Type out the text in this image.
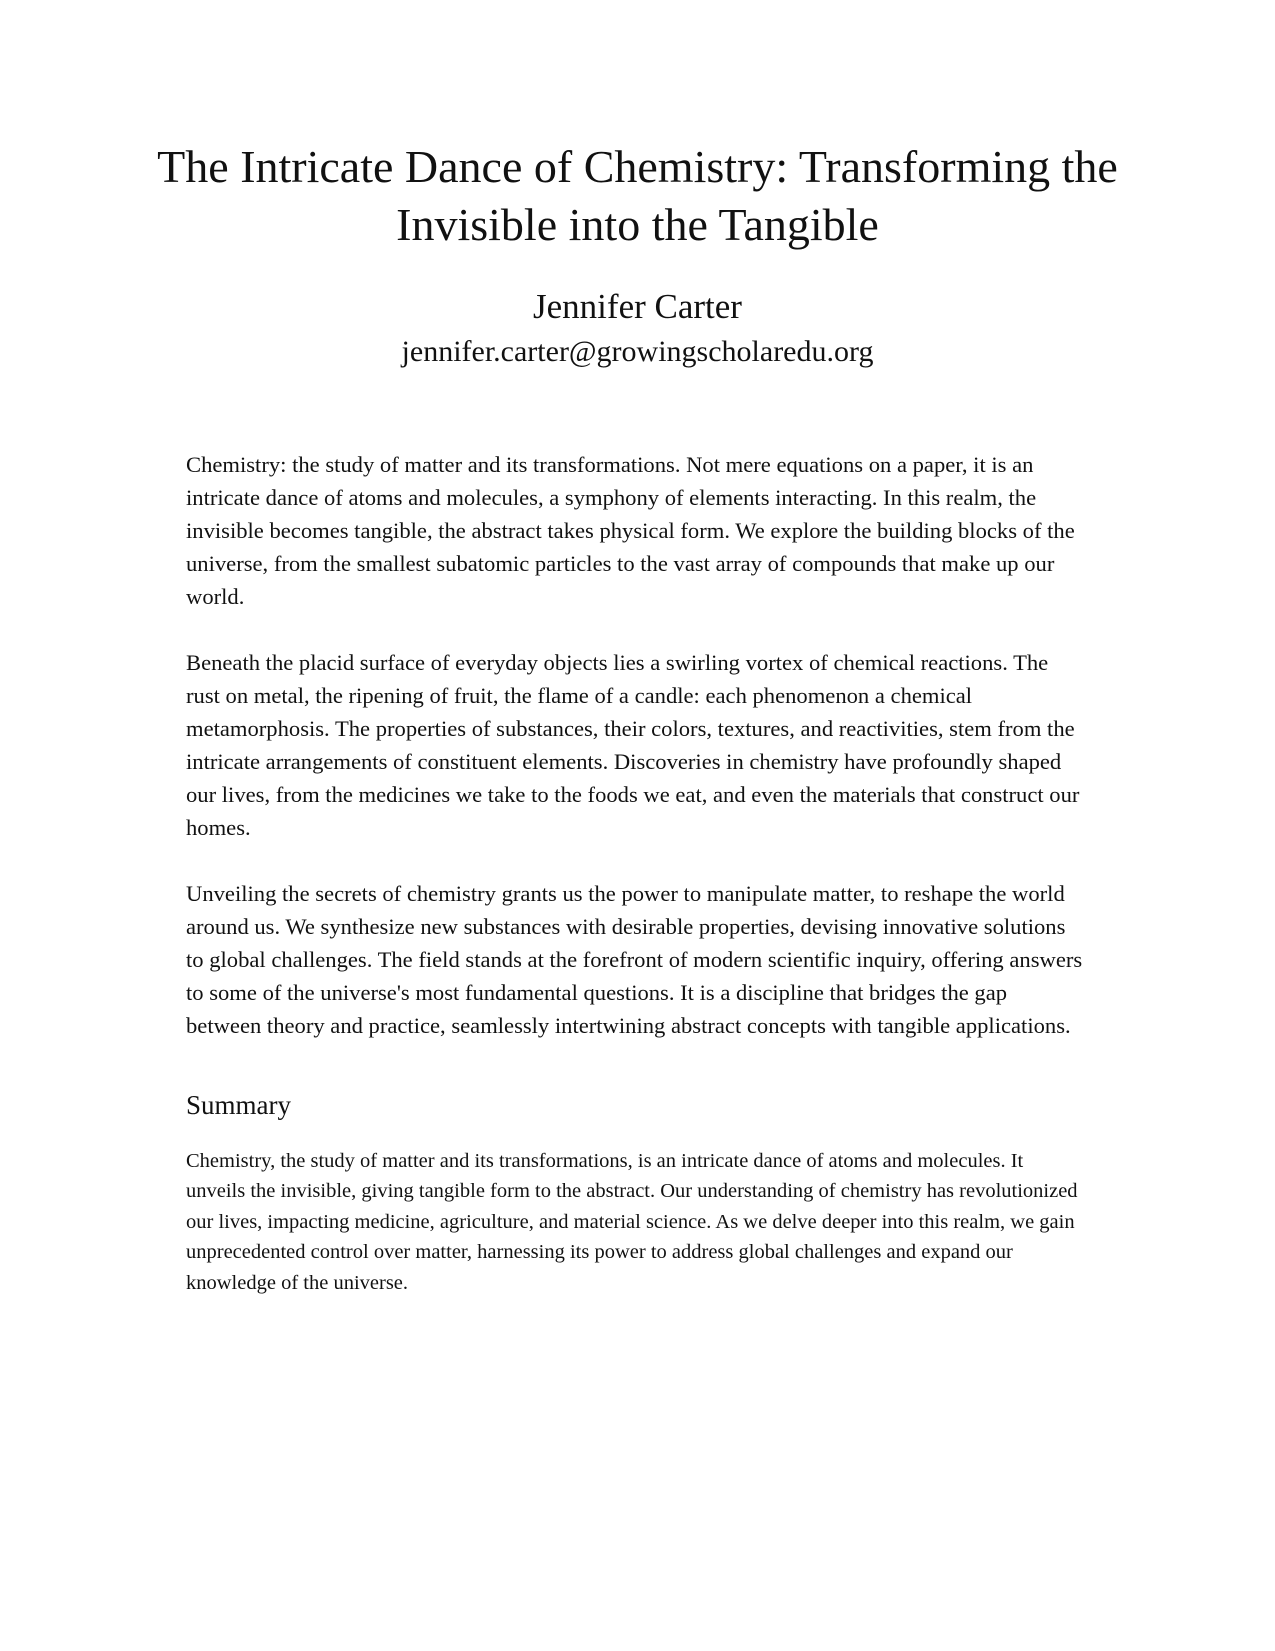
The Intricate Dance of Chemistry: Transforming the Invisible into the Tangible
Jennifer Carter
jennifer.carter@growingscholaredu.org

Chemistry: the study of matter and its transformations. Not mere equations on a paper, it is an intricate dance of atoms and molecules, a symphony of elements interacting. In this realm, the invisible becomes tangible, the abstract takes physical form. We explore the building blocks of the universe, from the smallest subatomic particles to the vast array of compounds that make up our world.

Beneath the placid surface of everyday objects lies a swirling vortex of chemical reactions. The rust on metal, the ripening of fruit, the flame of a candle: each phenomenon a chemical metamorphosis. The properties of substances, their colors, textures, and reactivities, stem from the intricate arrangements of constituent elements. Discoveries in chemistry have profoundly shaped our lives, from the medicines we take to the foods we eat, and even the materials that construct our homes.

Unveiling the secrets of chemistry grants us the power to manipulate matter, to reshape the world around us. We synthesize new substances with desirable properties, devising innovative solutions to global challenges. The field stands at the forefront of modern scientific inquiry, offering answers to some of the universe's most fundamental questions. It is a discipline that bridges the gap between theory and practice, seamlessly intertwining abstract concepts with tangible applications.

Summary

Chemistry, the study of matter and its transformations, is an intricate dance of atoms and molecules. It unveils the invisible, giving tangible form to the abstract. Our understanding of chemistry has revolutionized our lives, impacting medicine, agriculture, and material science. As we delve deeper into this realm, we gain unprecedented control over matter, harnessing its power to address global challenges and expand our knowledge of the universe.
